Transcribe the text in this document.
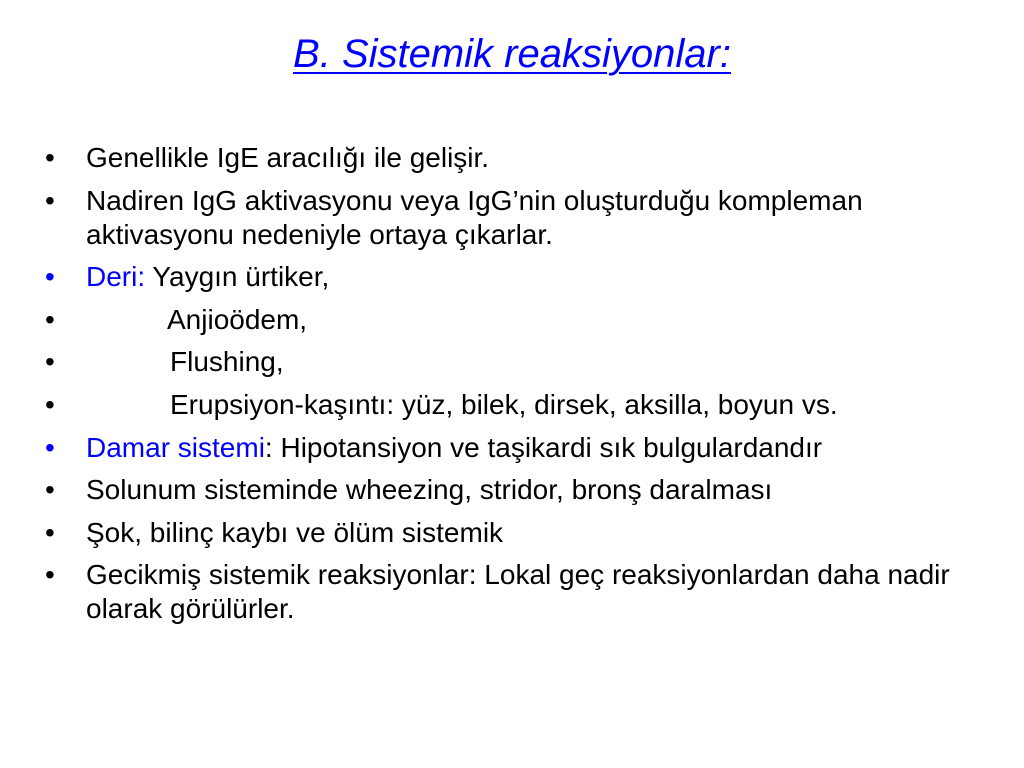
B. Sistemik reaksiyonlar:
• Genellikle IgE aracılığı ile gelişir.
• Nadiren IgG aktivasyonu veya IgG’nin oluşturduğu kompleman aktivasyonu nedeniyle ortaya çıkarlar.
• Deri: Yaygın ürtiker,
•	Anjioödem,
•	Flushing,
•	Erupsiyon-kaşıntı: yüz, bilek, dirsek, aksilla, boyun vs.
• Damar sistemi: Hipotansiyon ve taşikardi sık bulgulardandır
• Solunum sisteminde wheezing, stridor, bronş daralması
• Şok, bilinç kaybı ve ölüm sistemik
• Gecikmiş sistemik reaksiyonlar: Lokal geç reaksiyonlardan daha nadir olarak görülürler.
